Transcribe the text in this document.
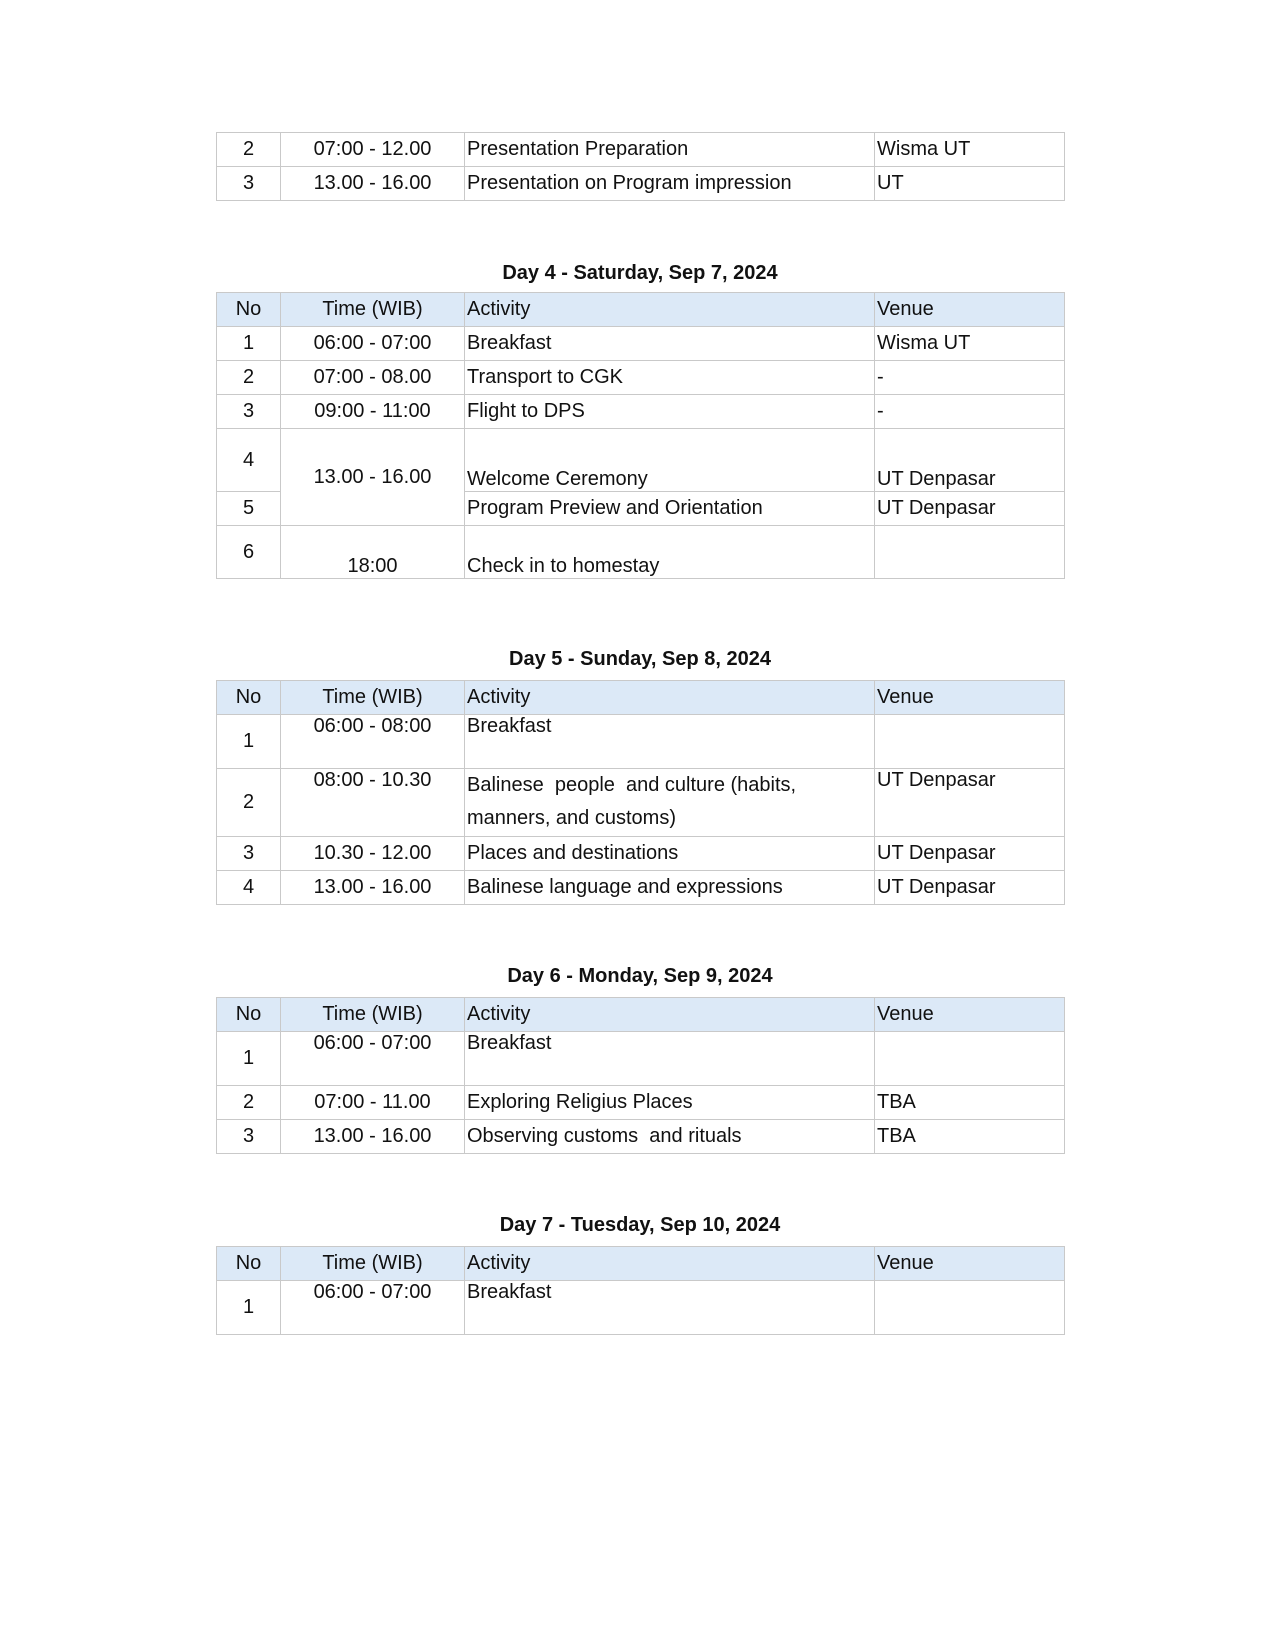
2	07:00 - 12.00	Presentation Preparation	Wisma UT
3	13.00 - 16.00	Presentation on Program impression	UT
Day 4 - Saturday, Sep 7, 2024
No	Time (WIB)	Activity	Venue
1	06:00 - 07:00	Breakfast	Wisma UT
2	07:00 - 08.00	Transport to CGK	-
3	09:00 - 11:00	Flight to DPS	-
4	13.00 - 16.00	Welcome Ceremony	UT Denpasar
5		Program Preview and Orientation	UT Denpasar
6	18:00	Check in to homestay	
Day 5 - Sunday, Sep 8, 2024
No	Time (WIB)	Activity	Venue
1	06:00 - 08:00	Breakfast	
2	08:00 - 10.30	Balinese  people  and culture (habits,
manners, and customs)	UT Denpasar
3	10.30 - 12.00	Places and destinations	UT Denpasar
4	13.00 - 16.00	Balinese language and expressions	UT Denpasar
Day 6 - Monday, Sep 9, 2024
No	Time (WIB)	Activity	Venue
1	06:00 - 07:00	Breakfast	
2	07:00 - 11.00	Exploring Religius Places	TBA
3	13.00 - 16.00	Observing customs  and rituals	TBA
Day 7 - Tuesday, Sep 10, 2024
No	Time (WIB)	Activity	Venue
1	06:00 - 07:00	Breakfast	
